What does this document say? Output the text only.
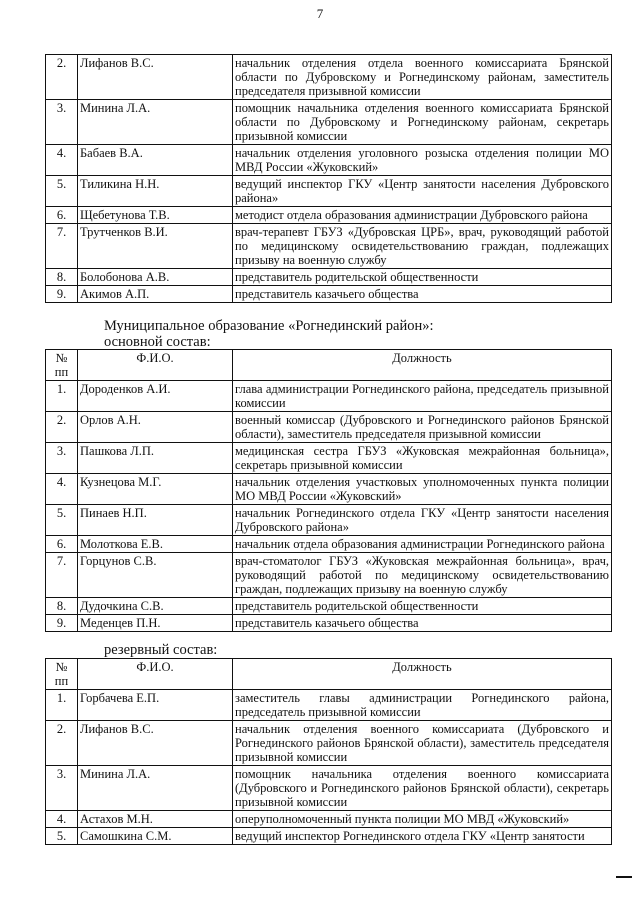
7
2.	Лифанов В.С.	начальник отделения отдела военного комиссариата Брянской области по Дубровскому и Рогнединскому районам, заместитель председателя призывной комиссии
3.	Минина Л.А.	помощник начальника отделения военного комиссариата Брянской области по Дубровскому и Рогнединскому районам, секретарь призывной комиссии
4.	Бабаев В.А.	начальник отделения уголовного розыска отделения полиции МО МВД России «Жуковский»
5.	Тиликина Н.Н.	ведущий инспектор ГКУ «Центр занятости населения Дубровского района»
6.	Щебетунова Т.В.	методист отдела образования администрации Дубровского района
7.	Трутченков В.И.	врач-терапевт ГБУЗ «Дубровская ЦРБ», врач, руководящий работой по медицинскому освидетельствованию граждан, подлежащих призыву на военную службу
8.	Болобонова А.В.	представитель родительской общественности
9.	Акимов А.П.	представитель казачьего общества
Муниципальное образование «Рогнединский район»:
основной состав:
№ пп	Ф.И.О.	Должность
1.	Дороденков А.И.	глава администрации Рогнединского района, председатель призывной комиссии
2.	Орлов А.Н.	военный комиссар (Дубровского и Рогнединского районов Брянской области), заместитель председателя призывной комиссии
3.	Пашкова Л.П.	медицинская сестра ГБУЗ «Жуковская межрайонная больница», секретарь призывной комиссии
4.	Кузнецова М.Г.	начальник отделения участковых уполномоченных пункта полиции МО МВД России «Жуковский»
5.	Пинаев Н.П.	начальник Рогнединского отдела ГКУ «Центр занятости населения Дубровского района»
6.	Молоткова Е.В.	начальник отдела образования администрации Рогнединского района
7.	Горцунов С.В.	врач-стоматолог ГБУЗ «Жуковская межрайонная больница», врач, руководящий работой по медицинскому освидетельствованию граждан, подлежащих призыву на военную службу
8.	Дудочкина С.В.	представитель родительской общественности
9.	Меденцев П.Н.	представитель казачьего общества
резервный состав:
№ пп	Ф.И.О.	Должность
1.	Горбачева Е.П.	заместитель главы администрации Рогнединского района, председатель призывной комиссии
2.	Лифанов В.С.	начальник отделения военного комиссариата (Дубровского и Рогнединского районов Брянской области), заместитель председателя призывной комиссии
3.	Минина Л.А.	помощник начальника отделения военного комиссариата (Дубровского и Рогнединского районов Брянской области), секретарь призывной комиссии
4.	Астахов М.Н.	оперуполномоченный пункта полиции МО МВД «Жуковский»
5.	Самошкина С.М.	ведущий инспектор Рогнединского отдела ГКУ «Центр занятости
